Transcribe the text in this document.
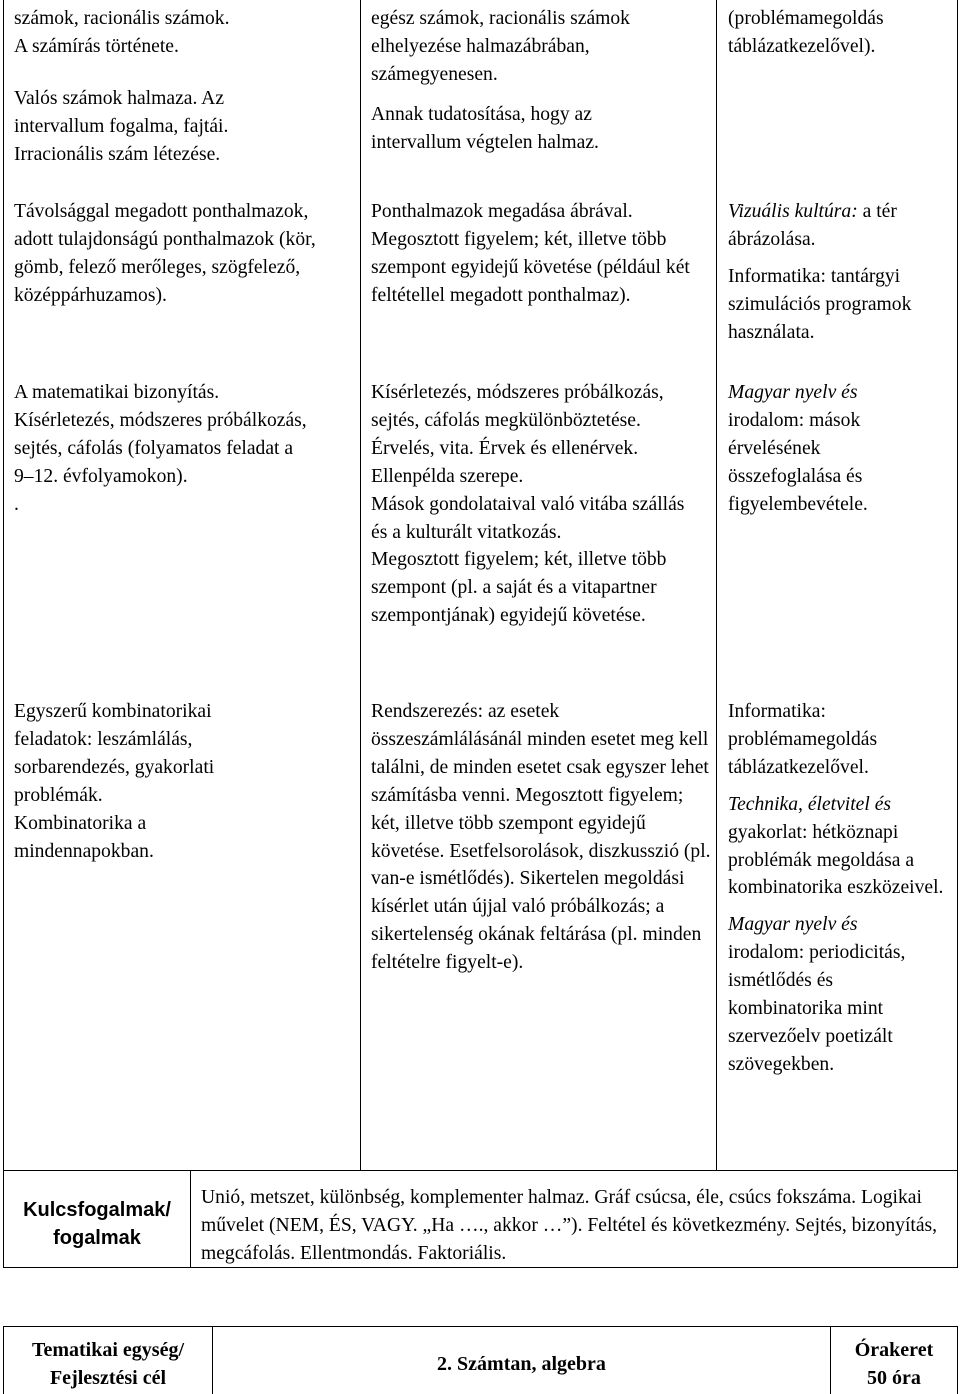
számok, racionális számok.

A számírás története.

Valós számok halmaza. Az intervallum fogalma, fajtái. Irracionális szám létezése.

egész számok, racionális számok elhelyezése halmazábrában, számegyenesen.

Annak tudatosítása, hogy az intervallum végtelen halmaz.

(problémamegoldás táblázatkezelővel).

Távolsággal megadott ponthalmazok, adott tulajdonságú ponthalmazok (kör, gömb, felező merőleges, szögfelező, középpárhuzamos).

Ponthalmazok megadása ábrával.

Megosztott figyelem; két, illetve több szempont egyidejű követése (például két feltétellel megadott ponthalmaz).

Vizuális kultúra: a tér ábrázolása.

Informatika: tantárgyi szimulációs programok használata.

A matematikai bizonyítás.

Kísérletezés, módszeres próbálkozás, sejtés, cáfolás (folyamatos feladat a 9–12. évfolyamokon).

.

Kísérletezés, módszeres próbálkozás, sejtés, cáfolás megkülönböztetése.

Érvelés, vita. Érvek és ellenérvek.

Ellenpélda szerepe.

Mások gondolataival való vitába szállás és a kulturált vitatkozás.

Megosztott figyelem; két, illetve több szempont (pl. a saját és a vitapartner szempontjának) egyidejű követése.

Magyar nyelv és

irodalom: mások érvelésének összefoglalása és figyelembevétele.

Egyszerű kombinatorikai feladatok: leszámlálás, sorbarendezés, gyakorlati problémák.

Kombinatorika a mindennapokban.

Rendszerezés: az esetek összeszámlálásánál minden esetet meg kell találni, de minden esetet csak egyszer lehet számításba venni. Megosztott figyelem; két, illetve több szempont egyidejű követése. Esetfelsorolások, diszkusszió (pl. van-e ismétlődés). Sikertelen megoldási kísérlet után újjal való próbálkozás; a sikertelenség okának feltárása (pl. minden feltételre figyelt-e).

Informatika: problémamegoldás táblázatkezelővel.

Technika, életvitel és

gyakorlat: hétköznapi problémák megoldása a kombinatorika eszközeivel.

Magyar nyelv és

irodalom: periodicitás, ismétlődés és kombinatorika mint szervezőelv poetizált szövegekben.

Kulcsfogalmak/
fogalmak

Unió, metszet, különbség, komplementer halmaz. Gráf csúcsa, éle, csúcs fokszáma. Logikai művelet (NEM, ÉS, VAGY. „Ha …., akkor …”). Feltétel és következmény. Sejtés, bizonyítás, megcáfolás. Ellentmondás. Faktoriális.

Tematikai egység/
Fejlesztési cél
2. Számtan, algebra
Órakeret
50 óra
